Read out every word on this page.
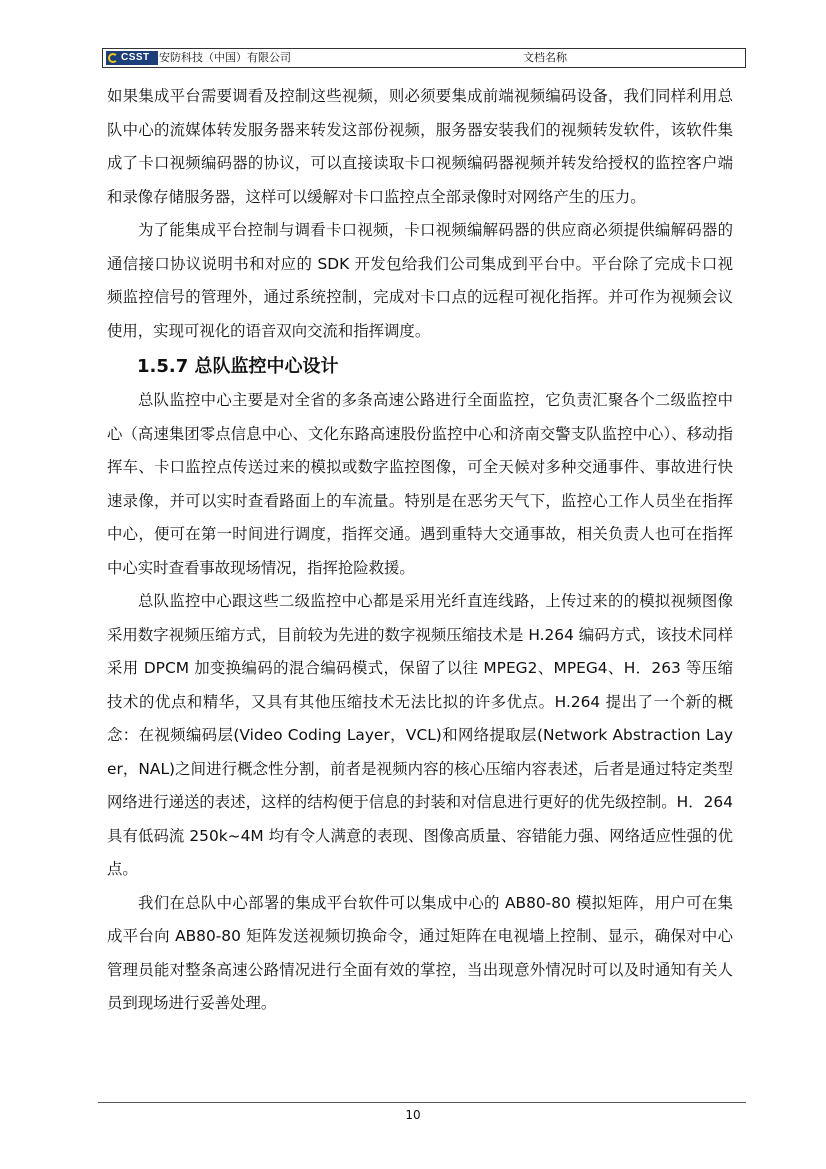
CSST 安防科技（中国）有限公司	文档名称

如果集成平台需要调看及控制这些视频，则必须要集成前端视频编码设备，我们同样利用总队中心的流媒体转发服务器来转发这部份视频，服务器安装我们的视频转发软件，该软件集成了卡口视频编码器的协议，可以直接读取卡口视频编码器视频并转发给授权的监控客户端和录像存储服务器，这样可以缓解对卡口监控点全部录像时对网络产生的压力。

为了能集成平台控制与调看卡口视频，卡口视频编解码器的供应商必须提供编解码器的通信接口协议说明书和对应的 SDK 开发包给我们公司集成到平台中。平台除了完成卡口视频监控信号的管理外，通过系统控制，完成对卡口点的远程可视化指挥。并可作为视频会议使用，实现可视化的语音双向交流和指挥调度。

1.5.7 总队监控中心设计

总队监控中心主要是对全省的多条高速公路进行全面监控，它负责汇聚各个二级监控中心（高速集团零点信息中心、文化东路高速股份监控中心和济南交警支队监控中心）、移动指挥车、卡口监控点传送过来的模拟或数字监控图像，可全天候对多种交通事件、事故进行快速录像，并可以实时查看路面上的车流量。特别是在恶劣天气下，监控心工作人员坐在指挥中心，便可在第一时间进行调度，指挥交通。遇到重特大交通事故，相关负责人也可在指挥中心实时查看事故现场情况，指挥抢险救援。

总队监控中心跟这些二级监控中心都是采用光纤直连线路，上传过来的的模拟视频图像采用数字视频压缩方式，目前较为先进的数字视频压缩技术是 H.264 编码方式，该技术同样采用 DPCM 加变换编码的混合编码模式，保留了以往 MPEG2、MPEG4、H．263 等压缩技术的优点和精华，又具有其他压缩技术无法比拟的许多优点。H.264 提出了一个新的概念：在视频编码层(Video Coding Layer，VCL)和网络提取层(Network Abstraction Layer，NAL)之间进行概念性分割，前者是视频内容的核心压缩内容表述，后者是通过特定类型网络进行递送的表述，这样的结构便于信息的封装和对信息进行更好的优先级控制。H．264 具有低码流 250k~4M 均有令人满意的表现、图像高质量、容错能力强、网络适应性强的优点。

我们在总队中心部署的集成平台软件可以集成中心的 AB80-80 模拟矩阵，用户可在集成平台向 AB80-80 矩阵发送视频切换命令，通过矩阵在电视墙上控制、显示，确保对中心管理员能对整条高速公路情况进行全面有效的掌控，当出现意外情况时可以及时通知有关人员到现场进行妥善处理。

10
